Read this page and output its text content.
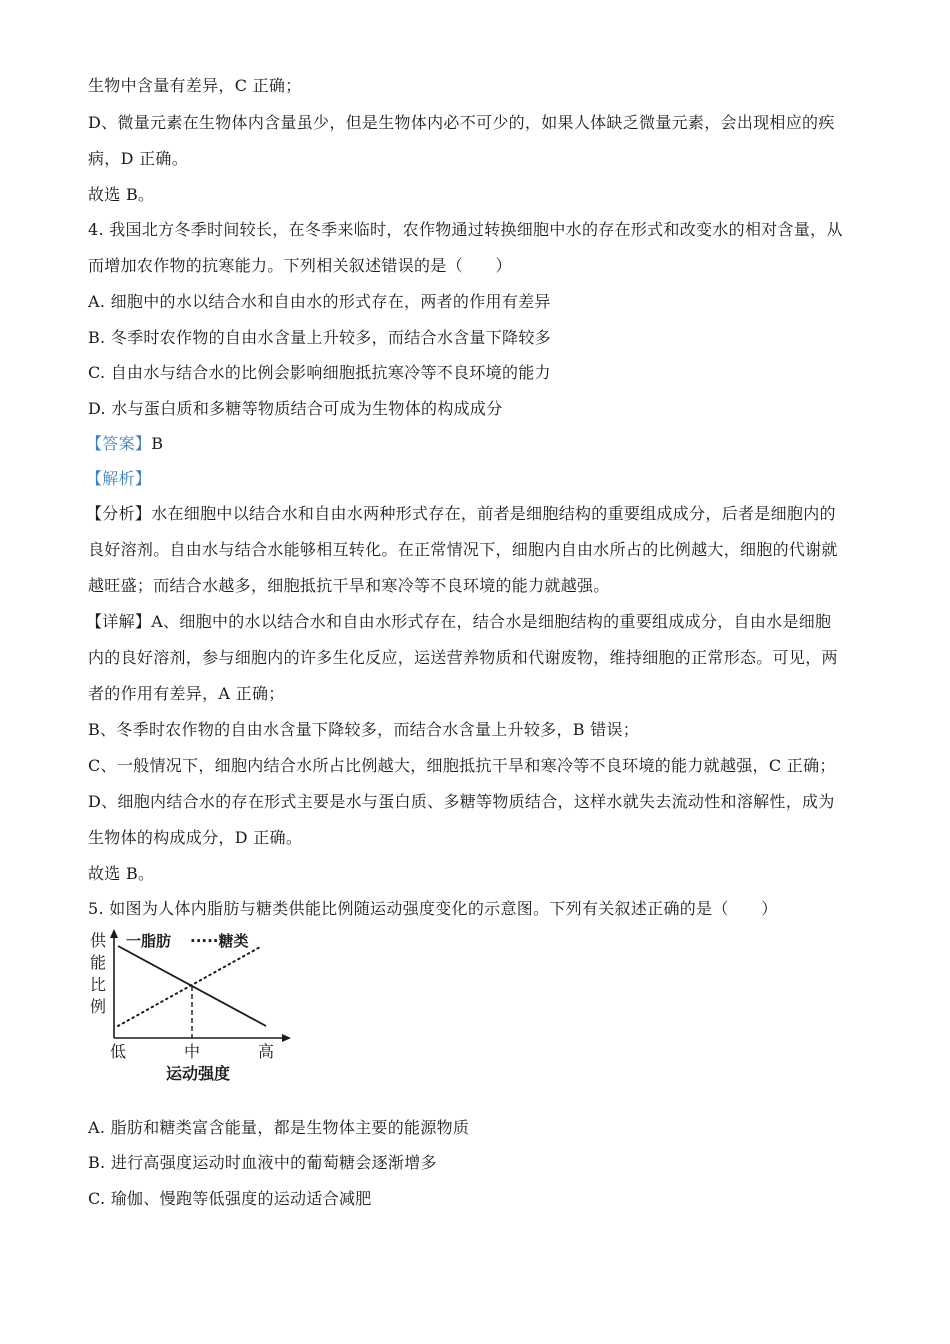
生物中含量有差异，C 正确；
D、微量元素在生物体内含量虽少，但是生物体内必不可少的，如果人体缺乏微量元素，会出现相应的疾
病，D 正确。
故选 B。
4. 我国北方冬季时间较长，在冬季来临时，农作物通过转换细胞中水的存在形式和改变水的相对含量，从
而增加农作物的抗寒能力。下列相关叙述错误的是（　　）
A. 细胞中的水以结合水和自由水的形式存在，两者的作用有差异
B. 冬季时农作物的自由水含量上升较多，而结合水含量下降较多
C. 自由水与结合水的比例会影响细胞抵抗寒冷等不良环境的能力
D. 水与蛋白质和多糖等物质结合可成为生物体的构成成分
【答案】B
【解析】
【分析】水在细胞中以结合水和自由水两种形式存在，前者是细胞结构的重要组成成分，后者是细胞内的
良好溶剂。自由水与结合水能够相互转化。在正常情况下，细胞内自由水所占的比例越大，细胞的代谢就
越旺盛；而结合水越多，细胞抵抗干旱和寒冷等不良环境的能力就越强。
【详解】A、细胞中的水以结合水和自由水形式存在，结合水是细胞结构的重要组成成分，自由水是细胞
内的良好溶剂，参与细胞内的许多生化反应，运送营养物质和代谢废物，维持细胞的正常形态。可见，两
者的作用有差异，A 正确；
B、冬季时农作物的自由水含量下降较多，而结合水含量上升较多，B 错误；
C、一般情况下，细胞内结合水所占比例越大，细胞抵抗干旱和寒冷等不良环境的能力就越强，C 正确；
D、细胞内结合水的存在形式主要是水与蛋白质、多糖等物质结合，这样水就失去流动性和溶解性，成为
生物体的构成成分，D 正确。
故选 B。
5. 如图为人体内脂肪与糖类供能比例随运动强度变化的示意图。下列有关叙述正确的是（　　）
供
能
比
例
一脂肪 ·····糖类
低	中	高
运动强度
A. 脂肪和糖类富含能量，都是生物体主要的能源物质
B. 进行高强度运动时血液中的葡萄糖会逐渐增多
C. 瑜伽、慢跑等低强度的运动适合减肥
